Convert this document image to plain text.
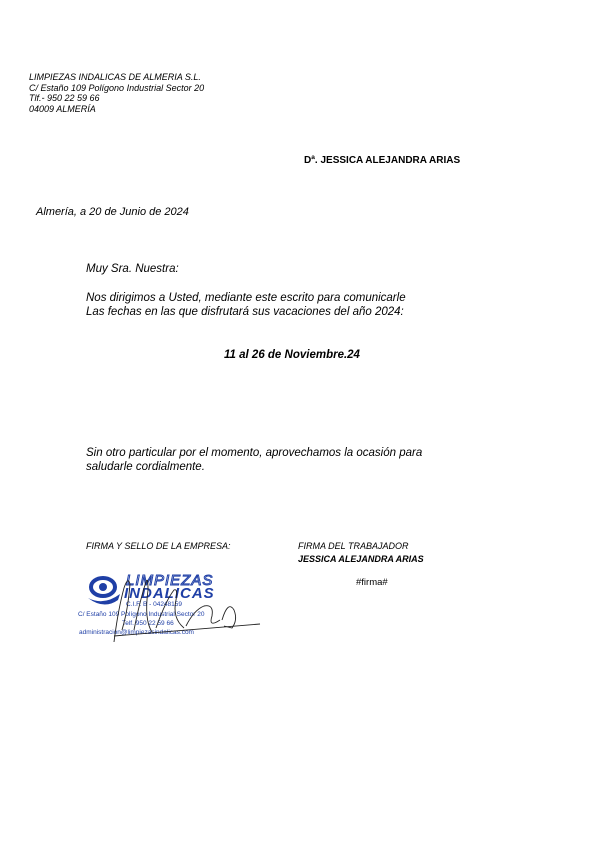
LIMPIEZAS INDALICAS DE ALMERIA S.L.
C/ Estaño 109 Polígono Industrial Sector 20
Tlf.- 950 22 59 66
04009 ALMERÍA
Dª. JESSICA ALEJANDRA ARIAS
Almería, a 20 de Junio de 2024
Muy Sra. Nuestra:
Nos dirigimos a Usted, mediante este escrito para comunicarle
Las fechas en las que disfrutará sus vacaciones del año 2024:
11 al 26 de Noviembre.24
Sin otro particular por el momento, aprovechamos la ocasión para
saludarle cordialmente.
FIRMA Y SELLO DE LA EMPRESA:	FIRMA DEL TRABAJADOR
JESSICA ALEJANDRA ARIAS
#firma#
LIMPIEZAS
INDALICAS
C.I.F. B - 04248159
C/ Estaño 109 Polígono Industrial Sector 20
Telf. 950 22 59 66
administracion@limpiezasindalicas.com
